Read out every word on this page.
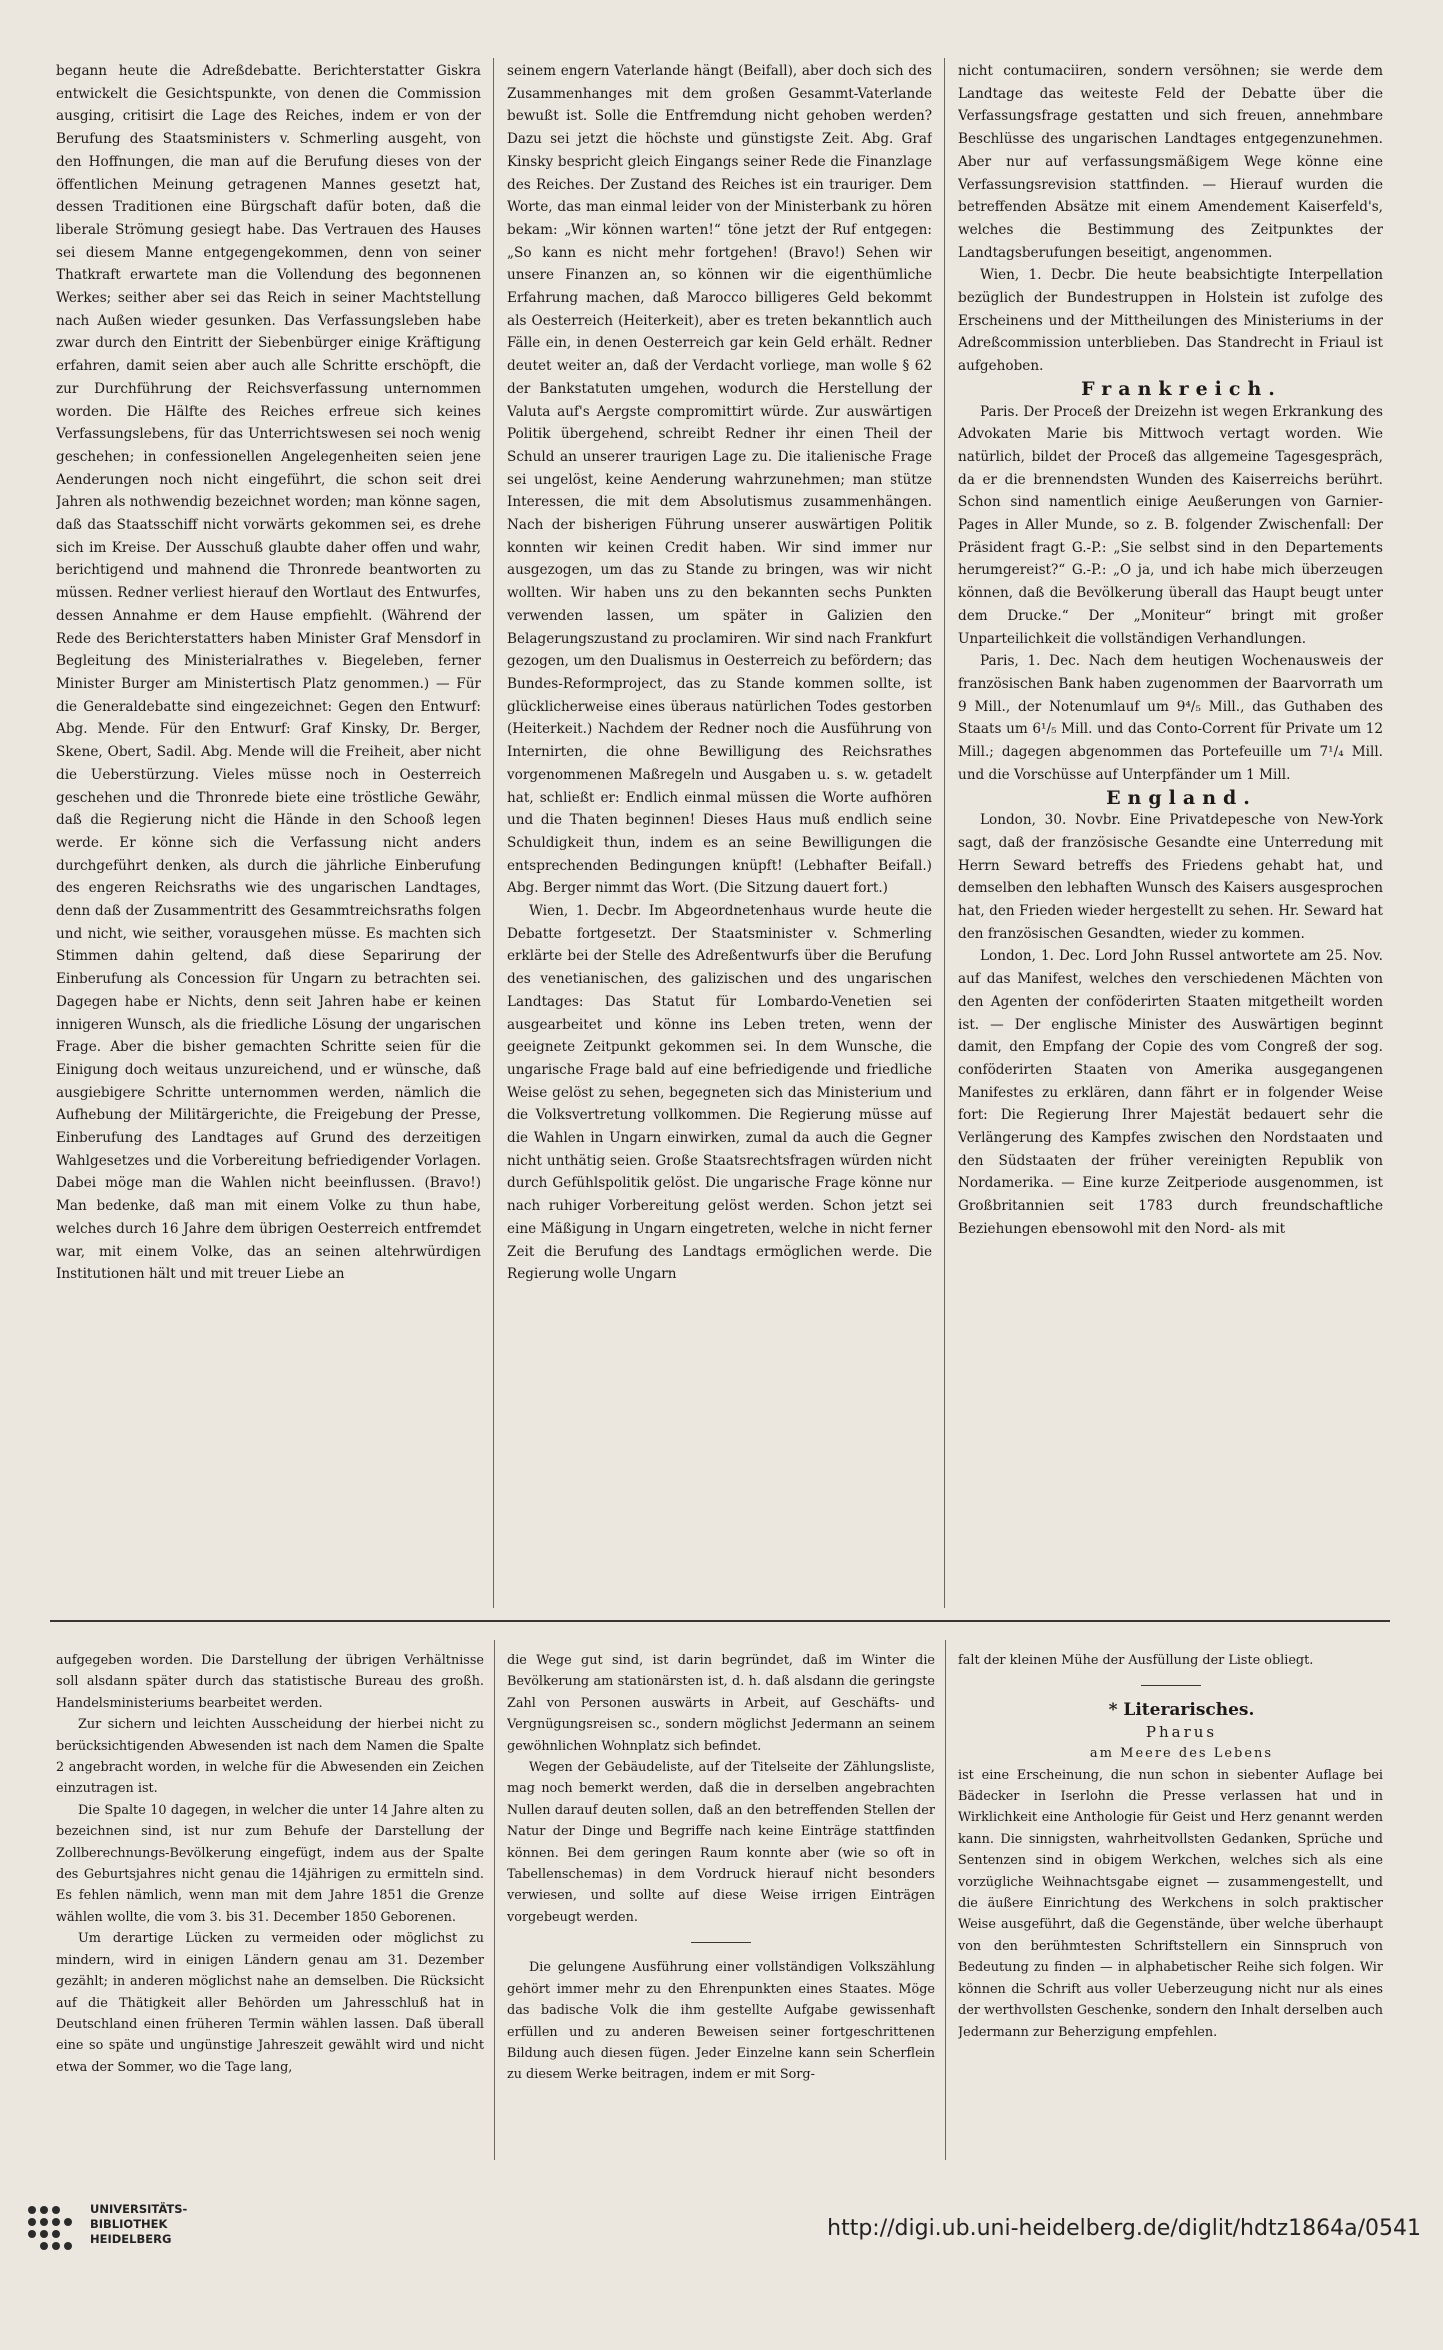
begann heute die Adreßdebatte. Berichterstatter Giskra entwickelt die Gesichtspunkte, von denen die Commission ausging, critisirt die Lage des Reiches, indem er von der Berufung des Staatsministers v. Schmerling ausgeht, von den Hoffnungen, die man auf die Berufung dieses von der öffentlichen Meinung getragenen Mannes gesetzt hat, dessen Traditionen eine Bürgschaft dafür boten, daß die liberale Strömung gesiegt habe. Das Vertrauen des Hauses sei diesem Manne entgegengekommen, denn von seiner Thatkraft erwartete man die Vollendung des begonnenen Werkes; seither aber sei das Reich in seiner Machtstellung nach Außen wieder gesunken. Das Verfassungsleben habe zwar durch den Eintritt der Siebenbürger einige Kräftigung erfahren, damit seien aber auch alle Schritte erschöpft, die zur Durchführung der Reichsverfassung unternommen worden. Die Hälfte des Reiches erfreue sich keines Verfassungslebens, für das Unterrichtswesen sei noch wenig geschehen; in confessionellen Angelegenheiten seien jene Aenderungen noch nicht eingeführt, die schon seit drei Jahren als nothwendig bezeichnet worden; man könne sagen, daß das Staatsschiff nicht vorwärts gekommen sei, es drehe sich im Kreise. Der Ausschuß glaubte daher offen und wahr, berichtigend und mahnend die Thronrede beantworten zu müssen. Redner verliest hierauf den Wortlaut des Entwurfes, dessen Annahme er dem Hause empfiehlt. (Während der Rede des Berichterstatters haben Minister Graf Mensdorf in Begleitung des Ministerialrathes v. Biegeleben, ferner Minister Burger am Ministertisch Platz genommen.) — Für die Generaldebatte sind eingezeichnet: Gegen den Entwurf: Abg. Mende. Für den Entwurf: Graf Kinsky, Dr. Berger, Skene, Obert, Sadil. Abg. Mende will die Freiheit, aber nicht die Ueberstürzung. Vieles müsse noch in Oesterreich geschehen und die Thronrede biete eine tröstliche Gewähr, daß die Regierung nicht die Hände in den Schooß legen werde. Er könne sich die Verfassung nicht anders durchgeführt denken, als durch die jährliche Einberufung des engeren Reichsraths wie des ungarischen Landtages, denn daß der Zusammentritt des Gesammtreichsraths folgen und nicht, wie seither, vorausgehen müsse. Es machten sich Stimmen dahin geltend, daß diese Separirung der Einberufung als Concession für Ungarn zu betrachten sei. Dagegen habe er Nichts, denn seit Jahren habe er keinen innigeren Wunsch, als die friedliche Lösung der ungarischen Frage. Aber die bisher gemachten Schritte seien für die Einigung doch weitaus unzureichend, und er wünsche, daß ausgiebigere Schritte unternommen werden, nämlich die Aufhebung der Militärgerichte, die Freigebung der Presse, Einberufung des Landtages auf Grund des derzeitigen Wahlgesetzes und die Vorbereitung befriedigender Vorlagen. Dabei möge man die Wahlen nicht beeinflussen. (Bravo!) Man bedenke, daß man mit einem Volke zu thun habe, welches durch 16 Jahre dem übrigen Oesterreich entfremdet war, mit einem Volke, das an seinen altehrwürdigen Institutionen hält und mit treuer Liebe an

seinem engern Vaterlande hängt (Beifall), aber doch sich des Zusammenhanges mit dem großen Gesammt-Vaterlande bewußt ist. Solle die Entfremdung nicht gehoben werden? Dazu sei jetzt die höchste und günstigste Zeit. Abg. Graf Kinsky bespricht gleich Eingangs seiner Rede die Finanzlage des Reiches. Der Zustand des Reiches ist ein trauriger. Dem Worte, das man einmal leider von der Ministerbank zu hören bekam: „Wir können warten!“ töne jetzt der Ruf entgegen: „So kann es nicht mehr fortgehen! (Bravo!) Sehen wir unsere Finanzen an, so können wir die eigenthümliche Erfahrung machen, daß Marocco billigeres Geld bekommt als Oesterreich (Heiterkeit), aber es treten bekanntlich auch Fälle ein, in denen Oesterreich gar kein Geld erhält. Redner deutet weiter an, daß der Verdacht vorliege, man wolle § 62 der Bankstatuten umgehen, wodurch die Herstellung der Valuta auf's Aergste compromittirt würde. Zur auswärtigen Politik übergehend, schreibt Redner ihr einen Theil der Schuld an unserer traurigen Lage zu. Die italienische Frage sei ungelöst, keine Aenderung wahrzunehmen; man stütze Interessen, die mit dem Absolutismus zusammenhängen. Nach der bisherigen Führung unserer auswärtigen Politik konnten wir keinen Credit haben. Wir sind immer nur ausgezogen, um das zu Stande zu bringen, was wir nicht wollten. Wir haben uns zu den bekannten sechs Punkten verwenden lassen, um später in Galizien den Belagerungszustand zu proclamiren. Wir sind nach Frankfurt gezogen, um den Dualismus in Oesterreich zu befördern; das Bundes-Reformproject, das zu Stande kommen sollte, ist glücklicherweise eines überaus natürlichen Todes gestorben (Heiterkeit.) Nachdem der Redner noch die Ausführung von Internirten, die ohne Bewilligung des Reichsrathes vorgenommenen Maßregeln und Ausgaben u. s. w. getadelt hat, schließt er: Endlich einmal müssen die Worte aufhören und die Thaten beginnen! Dieses Haus muß endlich seine Schuldigkeit thun, indem es an seine Bewilligungen die entsprechenden Bedingungen knüpft! (Lebhafter Beifall.) Abg. Berger nimmt das Wort. (Die Sitzung dauert fort.)

Wien, 1. Decbr. Im Abgeordnetenhaus wurde heute die Debatte fortgesetzt. Der Staatsminister v. Schmerling erklärte bei der Stelle des Adreßentwurfs über die Berufung des venetianischen, des galizischen und des ungarischen Landtages: Das Statut für Lombardo-Venetien sei ausgearbeitet und könne ins Leben treten, wenn der geeignete Zeitpunkt gekommen sei. In dem Wunsche, die ungarische Frage bald auf eine befriedigende und friedliche Weise gelöst zu sehen, begegneten sich das Ministerium und die Volksvertretung vollkommen. Die Regierung müsse auf die Wahlen in Ungarn einwirken, zumal da auch die Gegner nicht unthätig seien. Große Staatsrechtsfragen würden nicht durch Gefühlspolitik gelöst. Die ungarische Frage könne nur nach ruhiger Vorbereitung gelöst werden. Schon jetzt sei eine Mäßigung in Ungarn eingetreten, welche in nicht ferner Zeit die Berufung des Landtags ermöglichen werde. Die Regierung wolle Ungarn

nicht contumaciiren, sondern versöhnen; sie werde dem Landtage das weiteste Feld der Debatte über die Verfassungsfrage gestatten und sich freuen, annehmbare Beschlüsse des ungarischen Landtages entgegenzunehmen. Aber nur auf verfassungsmäßigem Wege könne eine Verfassungsrevision stattfinden. — Hierauf wurden die betreffenden Absätze mit einem Amendement Kaiserfeld's, welches die Bestimmung des Zeitpunktes der Landtagsberufungen beseitigt, angenommen.

Wien, 1. Decbr. Die heute beabsichtigte Interpellation bezüglich der Bundestruppen in Holstein ist zufolge des Erscheinens und der Mittheilungen des Ministeriums in der Adreßcommission unterblieben. Das Standrecht in Friaul ist aufgehoben.

Frankreich.

Paris. Der Proceß der Dreizehn ist wegen Erkrankung des Advokaten Marie bis Mittwoch vertagt worden. Wie natürlich, bildet der Proceß das allgemeine Tagesgespräch, da er die brennendsten Wunden des Kaiserreichs berührt. Schon sind namentlich einige Aeußerungen von Garnier-Pages in Aller Munde, so z. B. folgender Zwischenfall: Der Präsident fragt G.-P.: „Sie selbst sind in den Departements herumgereist?“ G.-P.: „O ja, und ich habe mich überzeugen können, daß die Bevölkerung überall das Haupt beugt unter dem Drucke.“ Der „Moniteur“ bringt mit großer Unparteilichkeit die vollständigen Verhandlungen.

Paris, 1. Dec. Nach dem heutigen Wochenausweis der französischen Bank haben zugenommen der Baarvorrath um 9 Mill., der Notenumlauf um 9⁴/₅ Mill., das Guthaben des Staats um 6¹/₅ Mill. und das Conto-Corrent für Private um 12 Mill.; dagegen abgenommen das Portefeuille um 7¹/₄ Mill. und die Vorschüsse auf Unterpfänder um 1 Mill.

England.

London, 30. Novbr. Eine Privatdepesche von New-York sagt, daß der französische Gesandte eine Unterredung mit Herrn Seward betreffs des Friedens gehabt hat, und demselben den lebhaften Wunsch des Kaisers ausgesprochen hat, den Frieden wieder hergestellt zu sehen. Hr. Seward hat den französischen Gesandten, wieder zu kommen.

London, 1. Dec. Lord John Russel antwortete am 25. Nov. auf das Manifest, welches den verschiedenen Mächten von den Agenten der conföderirten Staaten mitgetheilt worden ist. — Der englische Minister des Auswärtigen beginnt damit, den Empfang der Copie des vom Congreß der sog. conföderirten Staaten von Amerika ausgegangenen Manifestes zu erklären, dann fährt er in folgender Weise fort: Die Regierung Ihrer Majestät bedauert sehr die Verlängerung des Kampfes zwischen den Nordstaaten und den Südstaaten der früher vereinigten Republik von Nordamerika. — Eine kurze Zeitperiode ausgenommen, ist Großbritannien seit 1783 durch freundschaftliche Beziehungen ebensowohl mit den Nord- als mit

aufgegeben worden. Die Darstellung der übrigen Verhältnisse soll alsdann später durch das statistische Bureau des großh. Handelsministeriums bearbeitet werden.

Zur sichern und leichten Ausscheidung der hierbei nicht zu berücksichtigenden Abwesenden ist nach dem Namen die Spalte 2 angebracht worden, in welche für die Abwesenden ein Zeichen einzutragen ist.

Die Spalte 10 dagegen, in welcher die unter 14 Jahre alten zu bezeichnen sind, ist nur zum Behufe der Darstellung der Zollberechnungs-Bevölkerung eingefügt, indem aus der Spalte des Geburtsjahres nicht genau die 14jährigen zu ermitteln sind. Es fehlen nämlich, wenn man mit dem Jahre 1851 die Grenze wählen wollte, die vom 3. bis 31. December 1850 Geborenen.

Um derartige Lücken zu vermeiden oder möglichst zu mindern, wird in einigen Ländern genau am 31. Dezember gezählt; in anderen möglichst nahe an demselben. Die Rücksicht auf die Thätigkeit aller Behörden um Jahresschluß hat in Deutschland einen früheren Termin wählen lassen. Daß überall eine so späte und ungünstige Jahreszeit gewählt wird und nicht etwa der Sommer, wo die Tage lang,

die Wege gut sind, ist darin begründet, daß im Winter die Bevölkerung am stationärsten ist, d. h. daß alsdann die geringste Zahl von Personen auswärts in Arbeit, auf Geschäfts- und Vergnügungsreisen sc., sondern möglichst Jedermann an seinem gewöhnlichen Wohnplatz sich befindet.

Wegen der Gebäudeliste, auf der Titelseite der Zählungsliste, mag noch bemerkt werden, daß die in derselben angebrachten Nullen darauf deuten sollen, daß an den betreffenden Stellen der Natur der Dinge und Begriffe nach keine Einträge stattfinden können. Bei dem geringen Raum konnte aber (wie so oft in Tabellenschemas) in dem Vordruck hierauf nicht besonders verwiesen, und sollte auf diese Weise irrigen Einträgen vorgebeugt werden.

Die gelungene Ausführung einer vollständigen Volkszählung gehört immer mehr zu den Ehrenpunkten eines Staates. Möge das badische Volk die ihm gestellte Aufgabe gewissenhaft erfüllen und zu anderen Beweisen seiner fortgeschrittenen Bildung auch diesen fügen. Jeder Einzelne kann sein Scherflein zu diesem Werke beitragen, indem er mit Sorg-

falt der kleinen Mühe der Ausfüllung der Liste obliegt.

* Literarisches.

Pharus

am Meere des Lebens

ist eine Erscheinung, die nun schon in siebenter Auflage bei Bädecker in Iserlohn die Presse verlassen hat und in Wirklichkeit eine Anthologie für Geist und Herz genannt werden kann. Die sinnigsten, wahrheitvollsten Gedanken, Sprüche und Sentenzen sind in obigem Werkchen, welches sich als eine vorzügliche Weihnachtsgabe eignet — zusammengestellt, und die äußere Einrichtung des Werkchens in solch praktischer Weise ausgeführt, daß die Gegenstände, über welche überhaupt von den berühmtesten Schriftstellern ein Sinnspruch von Bedeutung zu finden — in alphabetischer Reihe sich folgen. Wir können die Schrift aus voller Ueberzeugung nicht nur als eines der werthvollsten Geschenke, sondern den Inhalt derselben auch Jedermann zur Beherzigung empfehlen.

UNIVERSITÄTS-
BIBLIOTHEK
HEIDELBERG	http://digi.ub.uni-heidelberg.de/diglit/hdtz1864a/0541
